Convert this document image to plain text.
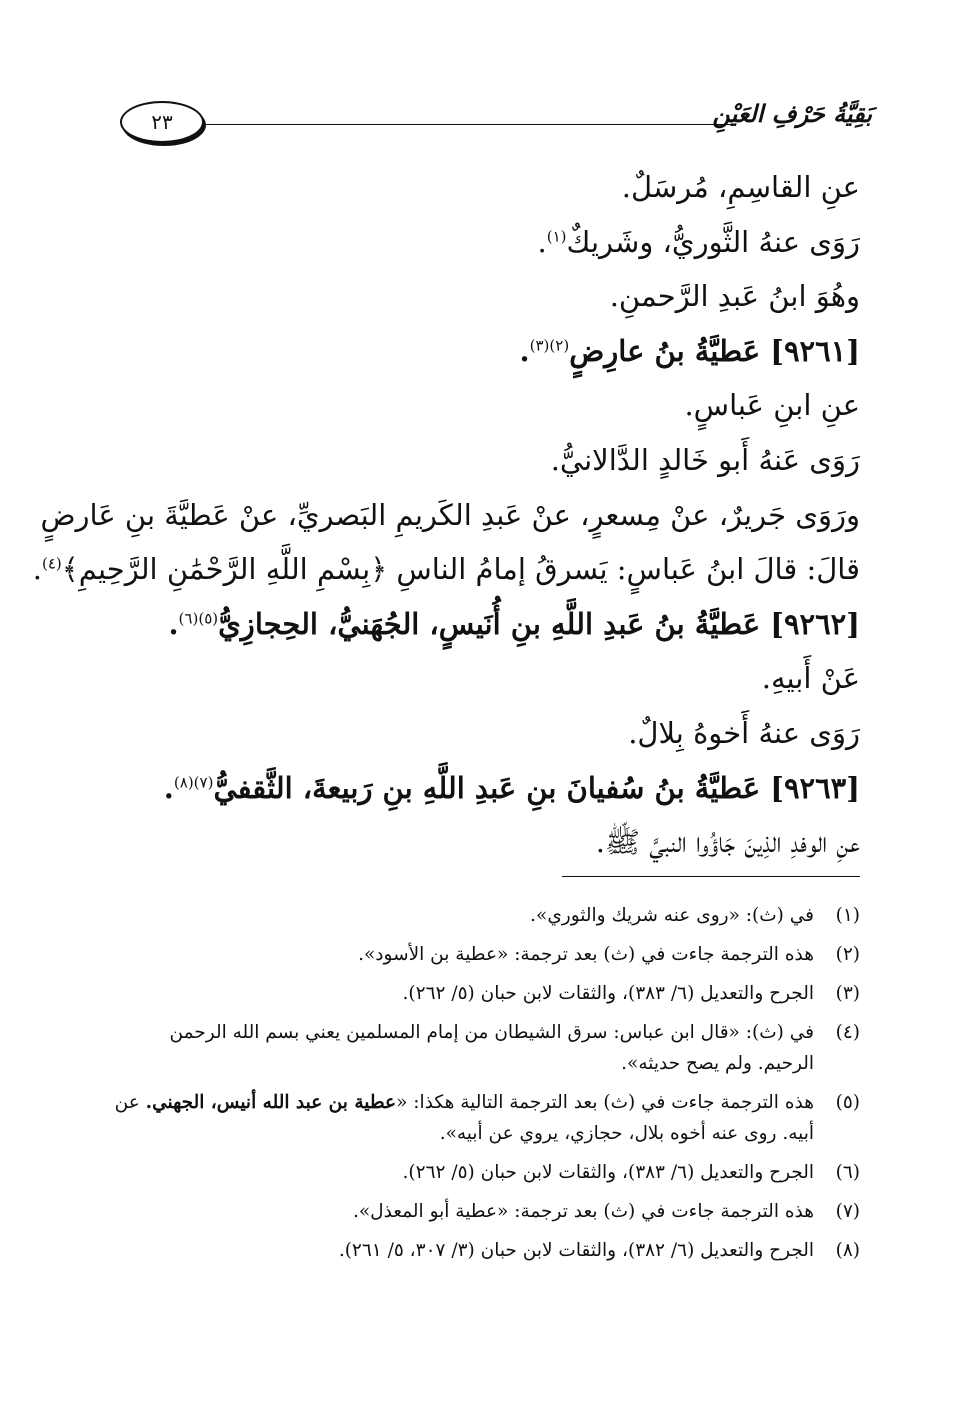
٢٣	بَقِيَّةُ حَرْفِ العَيْنِ
عنِ القاسِمِ، مُرسَلٌ.
رَوَى عنهُ الثَّوريُّ، وشَريكٌ$^{(١)}$.
وهُوَ ابنُ عَبدِ الرَّحمنِ.
[٩٢٦١] عَطيَّةُ بنُ عارِضٍ$^{(٢)(٣)}$.
عنِ ابنِ عَباسٍ.
رَوَى عَنهُ أَبو خَالدٍ الدَّالانيُّ.
ورَوَى جَريرٌ، عنْ مِسعرٍ، عنْ عَبدِ الكَريمِ البَصريِّ، عنْ عَطيَّةَ بنِ عَارضٍ
قالَ: قالَ ابنُ عَباسٍ: يَسرقُ إمامُ الناسِ ﴿بِسْمِ اللَّهِ الرَّحْمَٰنِ الرَّحِيمِ﴾$^{(٤)}$.
[٩٢٦٢] عَطيَّةُ بنُ عَبدِ اللَّهِ بنِ أُنَيسٍ، الجُهَنيُّ، الحِجازِيُّ$^{(٥)(٦)}$.
عَنْ أَبيهِ.
رَوَى عنهُ أَخوهُ بِلالٌ.
[٩٢٦٣] عَطيَّةُ بنُ سُفيانَ بنِ عَبدِ اللَّهِ بنِ رَبيعةَ، الثَّقفيُّ$^{(٧)(٨)}$.
عنِ الوفدِ الذِينَ جَاؤُوا النبيَّ ﷺ.
(١)
في (ث): «روى عنه شريك والثوري».
(٢)
هذه الترجمة جاءت في (ث) بعد ترجمة: «عطية بن الأسود».
(٣)
الجرح والتعديل (٦/ ٣٨٣)، والثقات لابن حبان (٥/ ٢٦٢).
(٤)
في (ث): «قال ابن عباس: سرق الشيطان من إمام المسلمين يعني بسم الله الرحمن الرحيم. ولم يصح حديثه».
(٥)
هذه الترجمة جاءت في (ث) بعد الترجمة التالية هكذا: «عطية بن عبد الله أنيس، الجهني. عن أبيه. روى عنه أخوه بلال، حجازي، يروي عن أبيه».
(٦)
الجرح والتعديل (٦/ ٣٨٣)، والثقات لابن حبان (٥/ ٢٦٢).
(٧)
هذه الترجمة جاءت في (ث) بعد ترجمة: «عطية أبو المعذل».
(٨)
الجرح والتعديل (٦/ ٣٨٢)، والثقات لابن حبان (٣/ ٣٠٧، ٥/ ٢٦١).
